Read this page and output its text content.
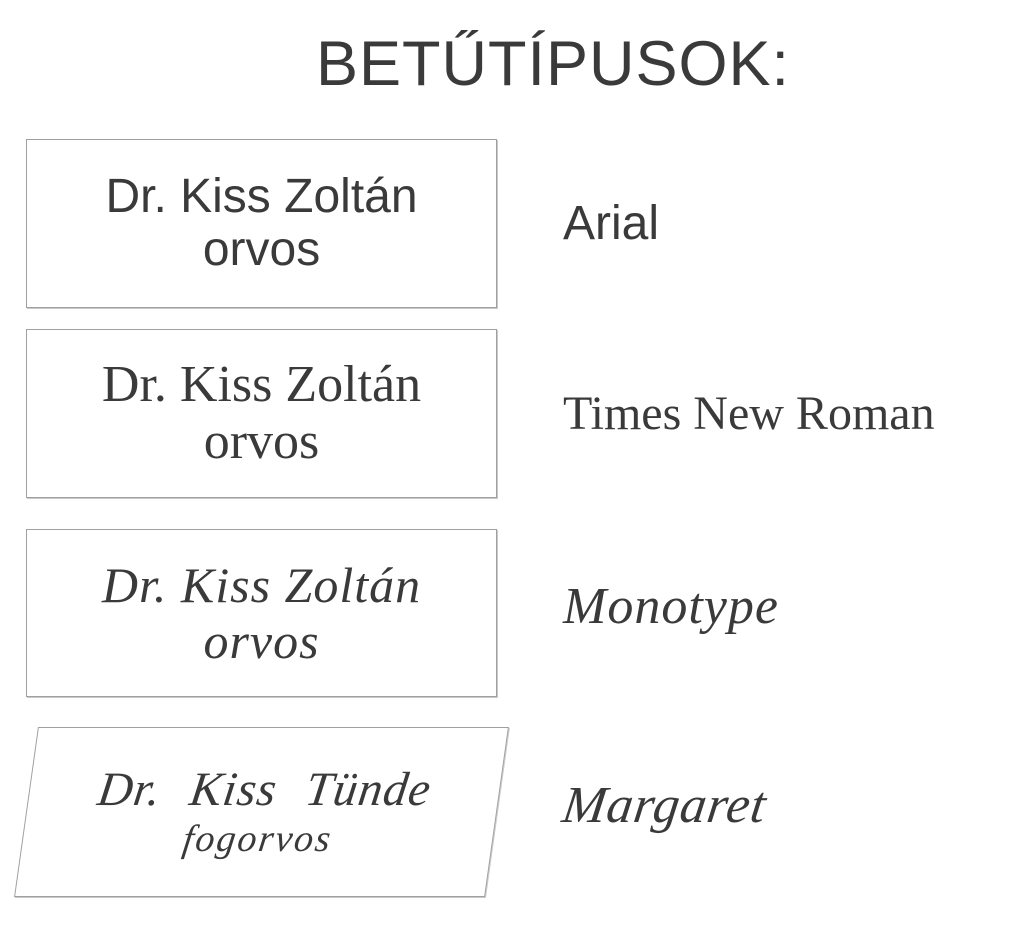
BETŰTÍPUSOK:
Dr. Kiss Zoltán
orvos	Arial
Dr. Kiss Zoltán
orvos	Times New Roman
Dr. Kiss Zoltán
orvos
Monotype
Dr. Kiss Tünde
fogorvos
Margaret
